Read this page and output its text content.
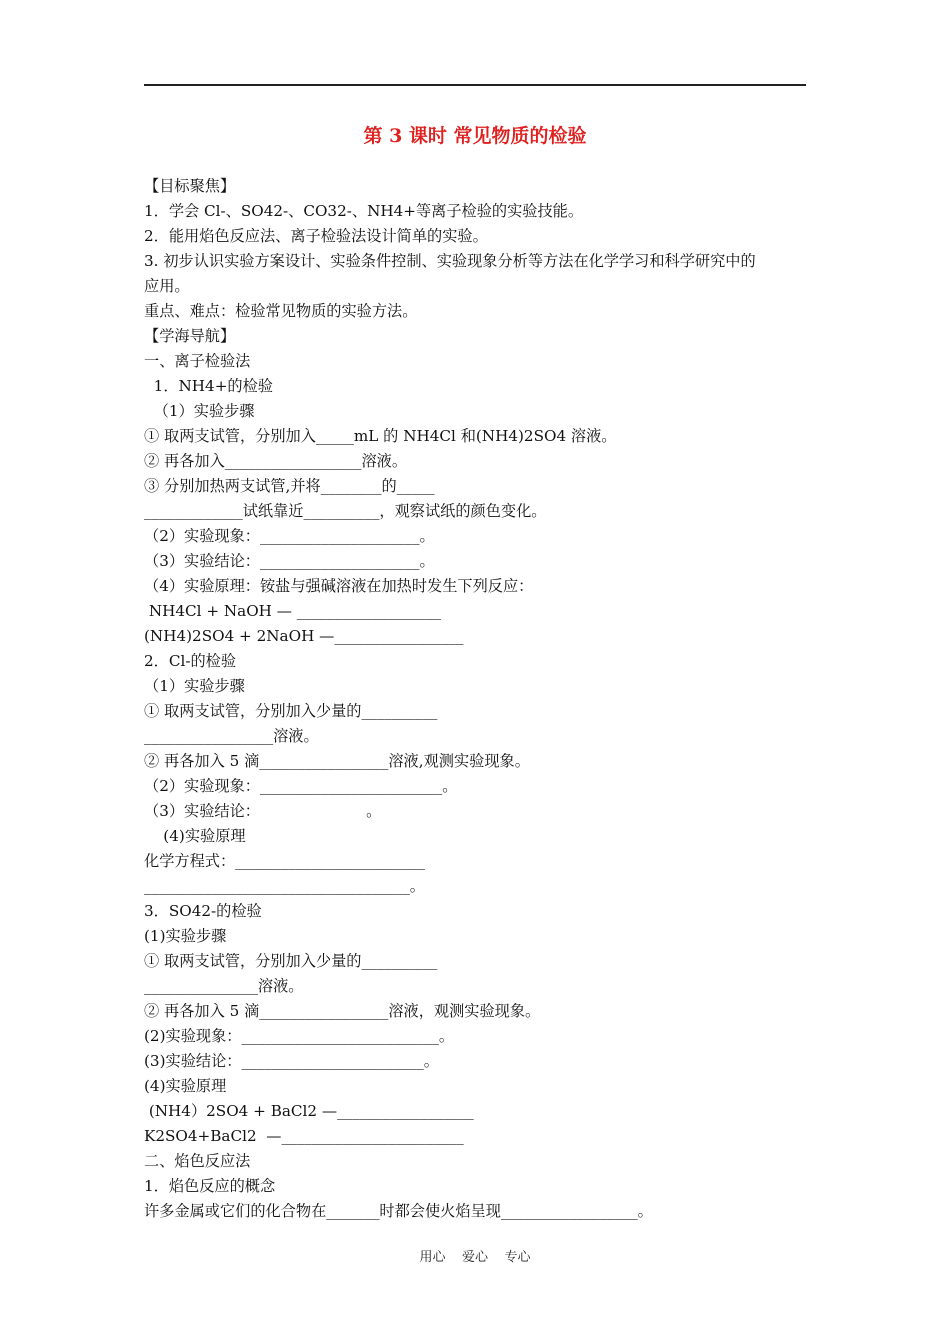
第 3 课时 常见物质的检验
【目标聚焦】
1．学会 Cl-、SO42-、CO32-、NH4+等离子检验的实验技能。
2．能用焰色反应法、离子检验法设计简单的实验。
3. 初步认识实验方案设计、实验条件控制、实验现象分析等方法在化学学习和科学研究中的
应用。
重点、难点：检验常见物质的实验方法。
【学海导航】
一、离子检验法
1．NH4+的检验
（1）实验步骤
① 取两支试管，分别加入_____mL 的 NH4Cl 和(NH4)2SO4 溶液。
② 再各加入__________________溶液。
③ 分别加热两支试管,并将________的_____
_____________试纸靠近__________，观察试纸的颜色变化。
（2）实验现象：_____________________。
（3）实验结论：_____________________。
（4）实验原理：铵盐与强碱溶液在加热时发生下列反应：
NH4Cl + NaOH — ___________________
(NH4)2SO4 + 2NaOH —_________________
2．Cl-的检验
（1）实验步骤
① 取两支试管，分别加入少量的__________
_________________溶液。
② 再各加入 5 滴_________________溶液,观测实验现象。
（2）实验现象：________________________。
（3）实验结论：                      。
(4)实验原理
化学方程式：_________________________
___________________________________。
3．SO42-的检验
(1)实验步骤
① 取两支试管，分别加入少量的__________
_______________溶液。
② 再各加入 5 滴_________________溶液，观测实验现象。
(2)实验现象：__________________________。
(3)实验结论：________________________。
(4)实验原理
(NH4）2SO4 + BaCl2 —__________________
K2SO4+BaCl2  —________________________
二、焰色反应法
1．焰色反应的概念
许多金属或它们的化合物在_______时都会使火焰呈现__________________。
用心    爱心    专心
